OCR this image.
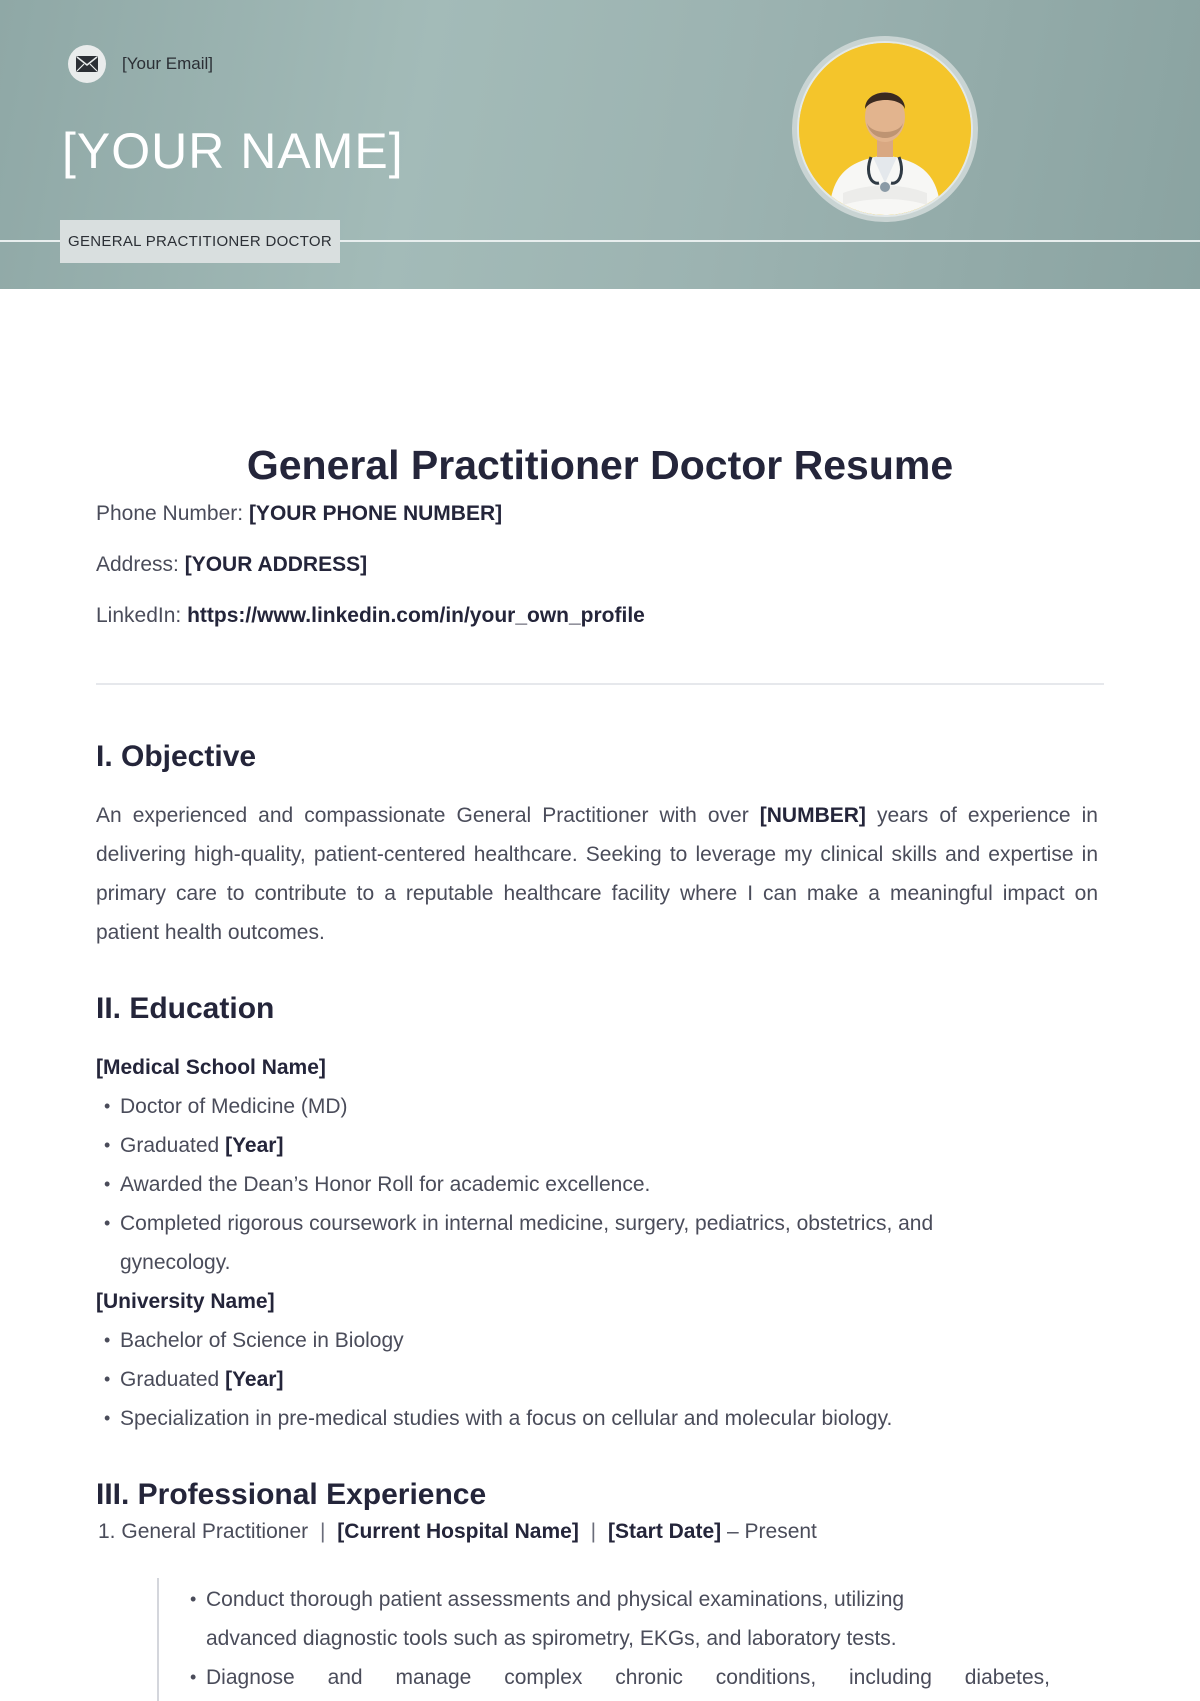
[Your Email]
[YOUR NAME]
GENERAL PRACTITIONER DOCTOR
General Practitioner Doctor Resume
Phone Number: [YOUR PHONE NUMBER]
Address: [YOUR ADDRESS]
LinkedIn: https://www.linkedin.com/in/your_own_profile
I. Objective
An experienced and compassionate General Practitioner with over [NUMBER] years of experience in delivering high-quality, patient-centered healthcare. Seeking to leverage my clinical skills and expertise in primary care to contribute to a reputable healthcare facility where I can make a meaningful impact on patient health outcomes.
II. Education
[Medical School Name]
• Doctor of Medicine (MD)
• Graduated [Year]
• Awarded the Dean’s Honor Roll for academic excellence.
• Completed rigorous coursework in internal medicine, surgery, pediatrics, obstetrics, and
gynecology.
[University Name]
• Bachelor of Science in Biology
• Graduated [Year]
• Specialization in pre-medical studies with a focus on cellular and molecular biology.
III. Professional Experience
1. General Practitioner | [Current Hospital Name] | [Start Date] – Present
• Conduct thorough patient assessments and physical examinations, utilizing
advanced diagnostic tools such as spirometry, EKGs, and laboratory tests.
• Diagnose and manage complex chronic conditions, including diabetes,
